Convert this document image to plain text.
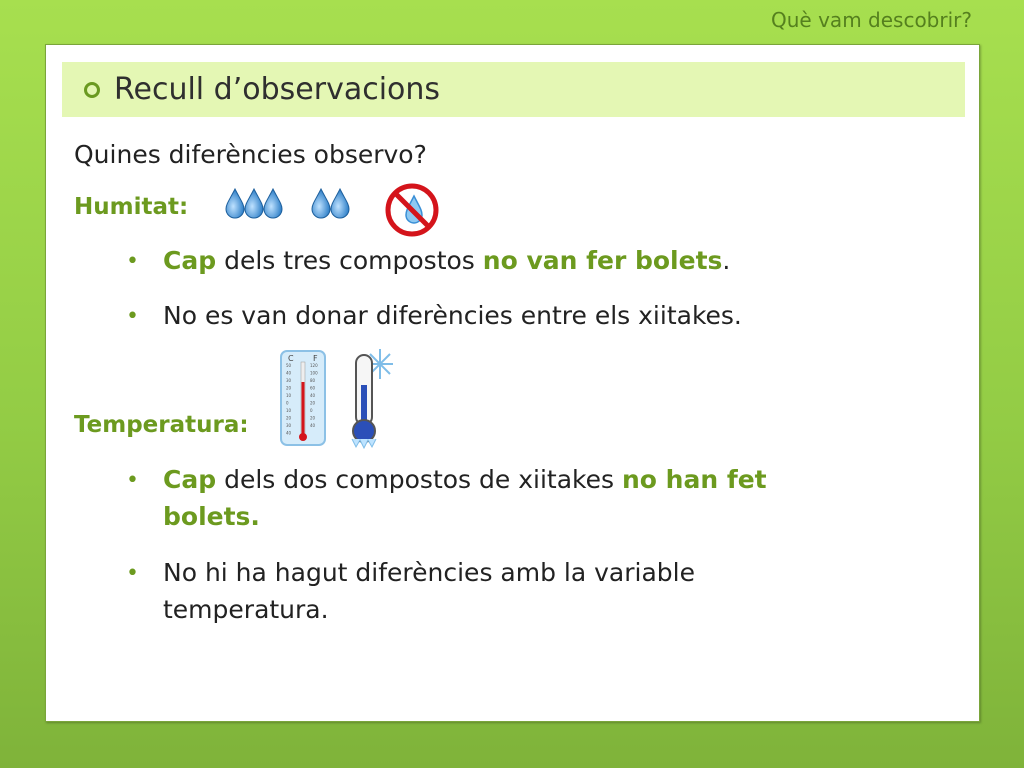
Què vam descobrir?
Recull d’observacions
Quines diferències observo?
Humitat:
• Cap dels tres compostos no van fer bolets.
• No es van donar diferències entre els xiitakes.
C F
50
40
30
20
10
0
10
20
30
40
120
100
80
60
40
20
0
20
40
Temperatura:
• Cap dels dos compostos de xiitakes no han fet
bolets.
• No hi ha hagut diferències amb la variable
temperatura.
